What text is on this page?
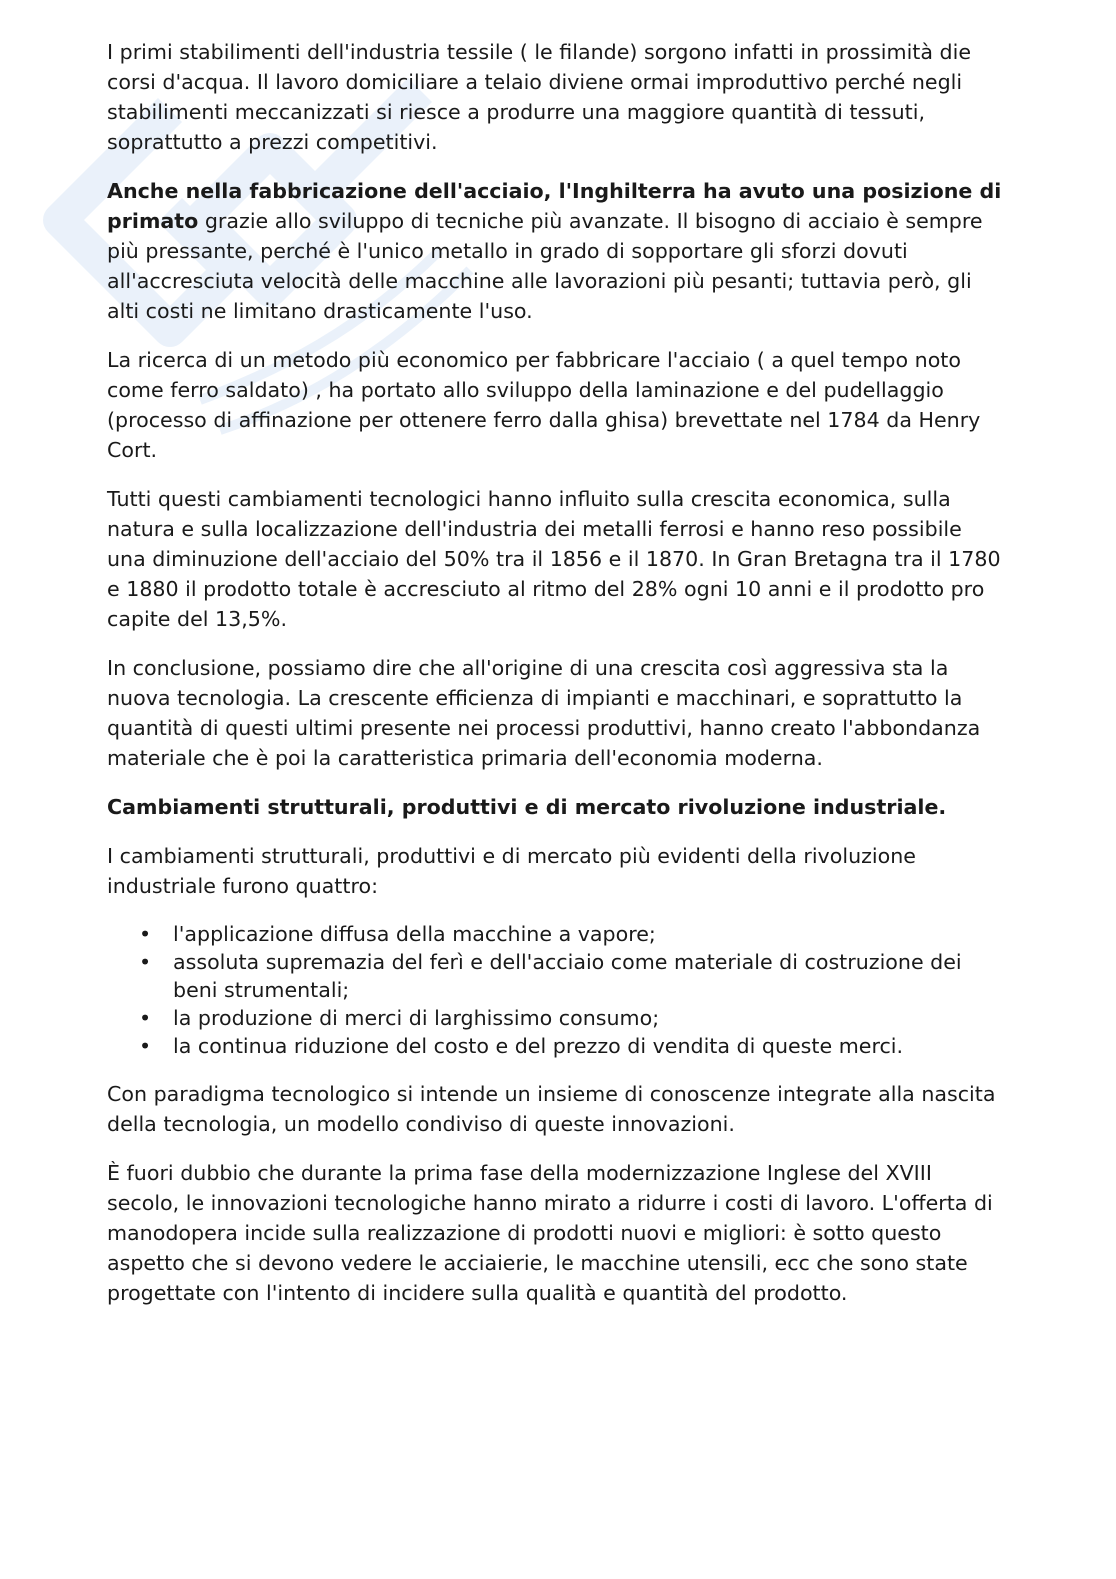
I primi stabilimenti dell'industria tessile ( le filande) sorgono infatti in prossimità die corsi d'acqua. Il lavoro domiciliare a telaio diviene ormai improduttivo perché negli stabilimenti meccanizzati si riesce a produrre una maggiore quantità di tessuti, soprattutto a prezzi competitivi.

Anche nella fabbricazione dell'acciaio, l'Inghilterra ha avuto una posizione di primato grazie allo sviluppo di tecniche più avanzate. Il bisogno di acciaio è sempre più pressante, perché è l'unico metallo in grado di sopportare gli sforzi dovuti all'accresciuta velocità delle macchine alle lavorazioni più pesanti; tuttavia però, gli alti costi ne limitano drasticamente l'uso.

La ricerca di un metodo più economico per fabbricare l'acciaio ( a quel tempo noto come ferro saldato) , ha portato allo sviluppo della laminazione e del pudellaggio (processo di affinazione per ottenere ferro dalla ghisa) brevettate nel 1784 da Henry Cort.

Tutti questi cambiamenti tecnologici hanno influito sulla crescita economica, sulla natura e sulla localizzazione dell'industria dei metalli ferrosi e hanno reso possibile una diminuzione dell'acciaio del 50% tra il 1856 e il 1870. In Gran Bretagna tra il 1780 e 1880 il prodotto totale è accresciuto al ritmo del 28% ogni 10 anni e il prodotto pro capite del 13,5%.

In conclusione, possiamo dire che all'origine di una crescita così aggressiva sta la nuova tecnologia. La crescente efficienza di impianti e macchinari, e soprattutto la quantità di questi ultimi presente nei processi produttivi, hanno creato l'abbondanza materiale che è poi la caratteristica primaria dell'economia moderna.

Cambiamenti strutturali, produttivi e di mercato rivoluzione industriale.

I cambiamenti strutturali, produttivi e di mercato più evidenti della rivoluzione industriale furono quattro:

• l'applicazione diffusa della macchine a vapore;
• assoluta supremazia del ferì e dell'acciaio come materiale di costruzione dei beni strumentali;
• la produzione di merci di larghissimo consumo;
• la continua riduzione del costo e del prezzo di vendita di queste merci.

Con paradigma tecnologico si intende un insieme di conoscenze integrate alla nascita della tecnologia, un modello condiviso di queste innovazioni.

È fuori dubbio che durante la prima fase della modernizzazione Inglese del XVIII secolo, le innovazioni tecnologiche hanno mirato a ridurre i costi di lavoro. L'offerta di manodopera incide sulla realizzazione di prodotti nuovi e migliori: è sotto questo aspetto che si devono vedere le acciaierie, le macchine utensili, ecc che sono state progettate con l'intento di incidere sulla qualità e quantità del prodotto.
